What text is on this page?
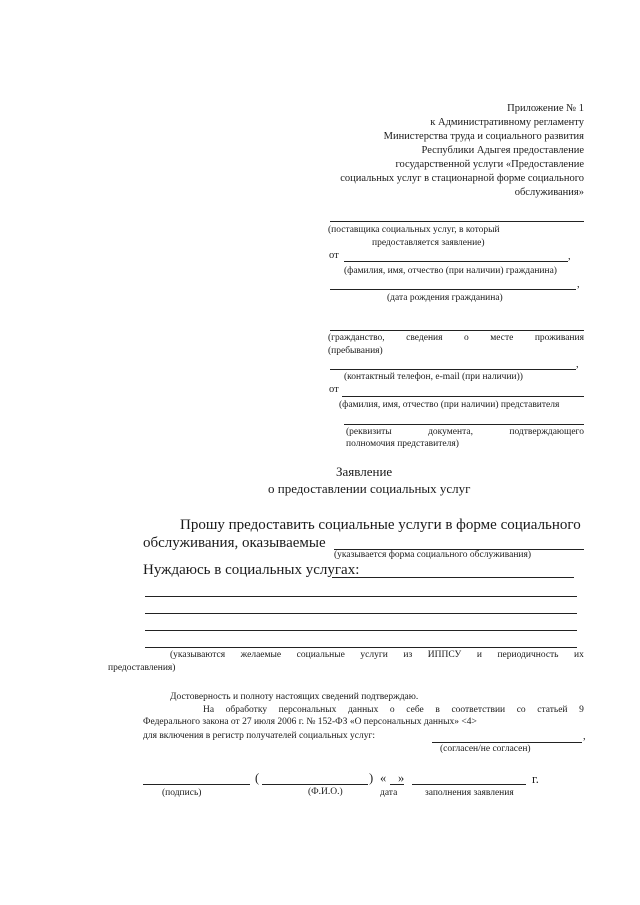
Приложение № 1
к Административному регламенту
Министерства труда и социального развития
Республики Адыгея предоставление
государственной услуги «Предоставление
социальных услуг в стационарной форме социального
обслуживания»
(поставщика социальных услуг, в который
предоставляется заявление)
от	,
(фамилия, имя, отчество (при наличии) гражданина)
,
(дата рождения гражданина)
(гражданство, сведения о месте проживания
(пребывания)
,
(контактный телефон, e-mail (при наличии))
от
(фамилия, имя, отчество (при наличии) представителя
(реквизиты	документа,	подтверждающего
полномочия представителя)
Заявление
о предоставлении социальных услуг
Прошу предоставить социальные услуги в форме социального
обслуживания, оказываемые
(указывается форма социального обслуживания)
Нуждаюсь в социальных услугах:
(указываются желаемые социальные услуги из ИППСУ и периодичность их
предоставления)
Достоверность и полноту настоящих сведений подтверждаю.
На обработку персональных данных о себе в соответствии со статьей 9
Федерального закона от 27 июля 2006 г. № 152-ФЗ «О персональных данных» <4>
для включения в регистр получателей социальных услуг:	,
(согласен/не согласен)
(	) « »	г.
(подпись)	(Ф.И.О.)	дата	заполнения заявления
